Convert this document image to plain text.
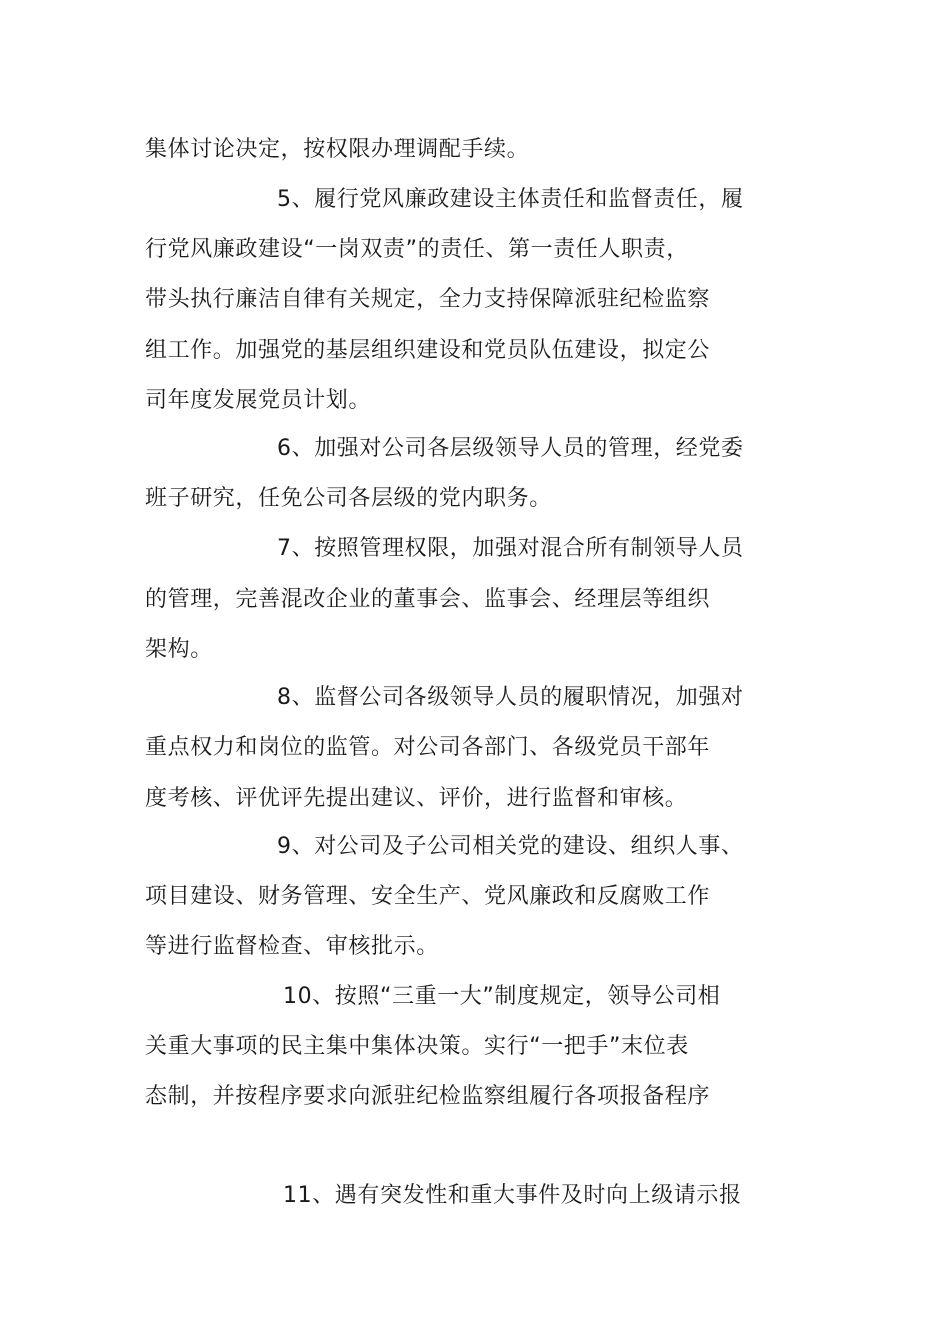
集体讨论决定，按权限办理调配手续。
5、履行党风廉政建设主体责任和监督责任，履
行党风廉政建设“一岗双责”的责任、第一责任人职责，
带头执行廉洁自律有关规定，全力支持保障派驻纪检监察
组工作。加强党的基层组织建设和党员队伍建设，拟定公
司年度发展党员计划。
6、加强对公司各层级领导人员的管理，经党委
班子研究，任免公司各层级的党内职务。
7、按照管理权限，加强对混合所有制领导人员
的管理，完善混改企业的董事会、监事会、经理层等组织
架构。
8、监督公司各级领导人员的履职情况，加强对
重点权力和岗位的监管。对公司各部门、各级党员干部年
度考核、评优评先提出建议、评价，进行监督和审核。
9、对公司及子公司相关党的建设、组织人事、
项目建设、财务管理、安全生产、党风廉政和反腐败工作
等进行监督检查、审核批示。
10、按照“三重一大”制度规定，领导公司相
关重大事项的民主集中集体决策。实行“一把手”末位表
态制，并按程序要求向派驻纪检监察组履行各项报备程序
11、遇有突发性和重大事件及时向上级请示报
